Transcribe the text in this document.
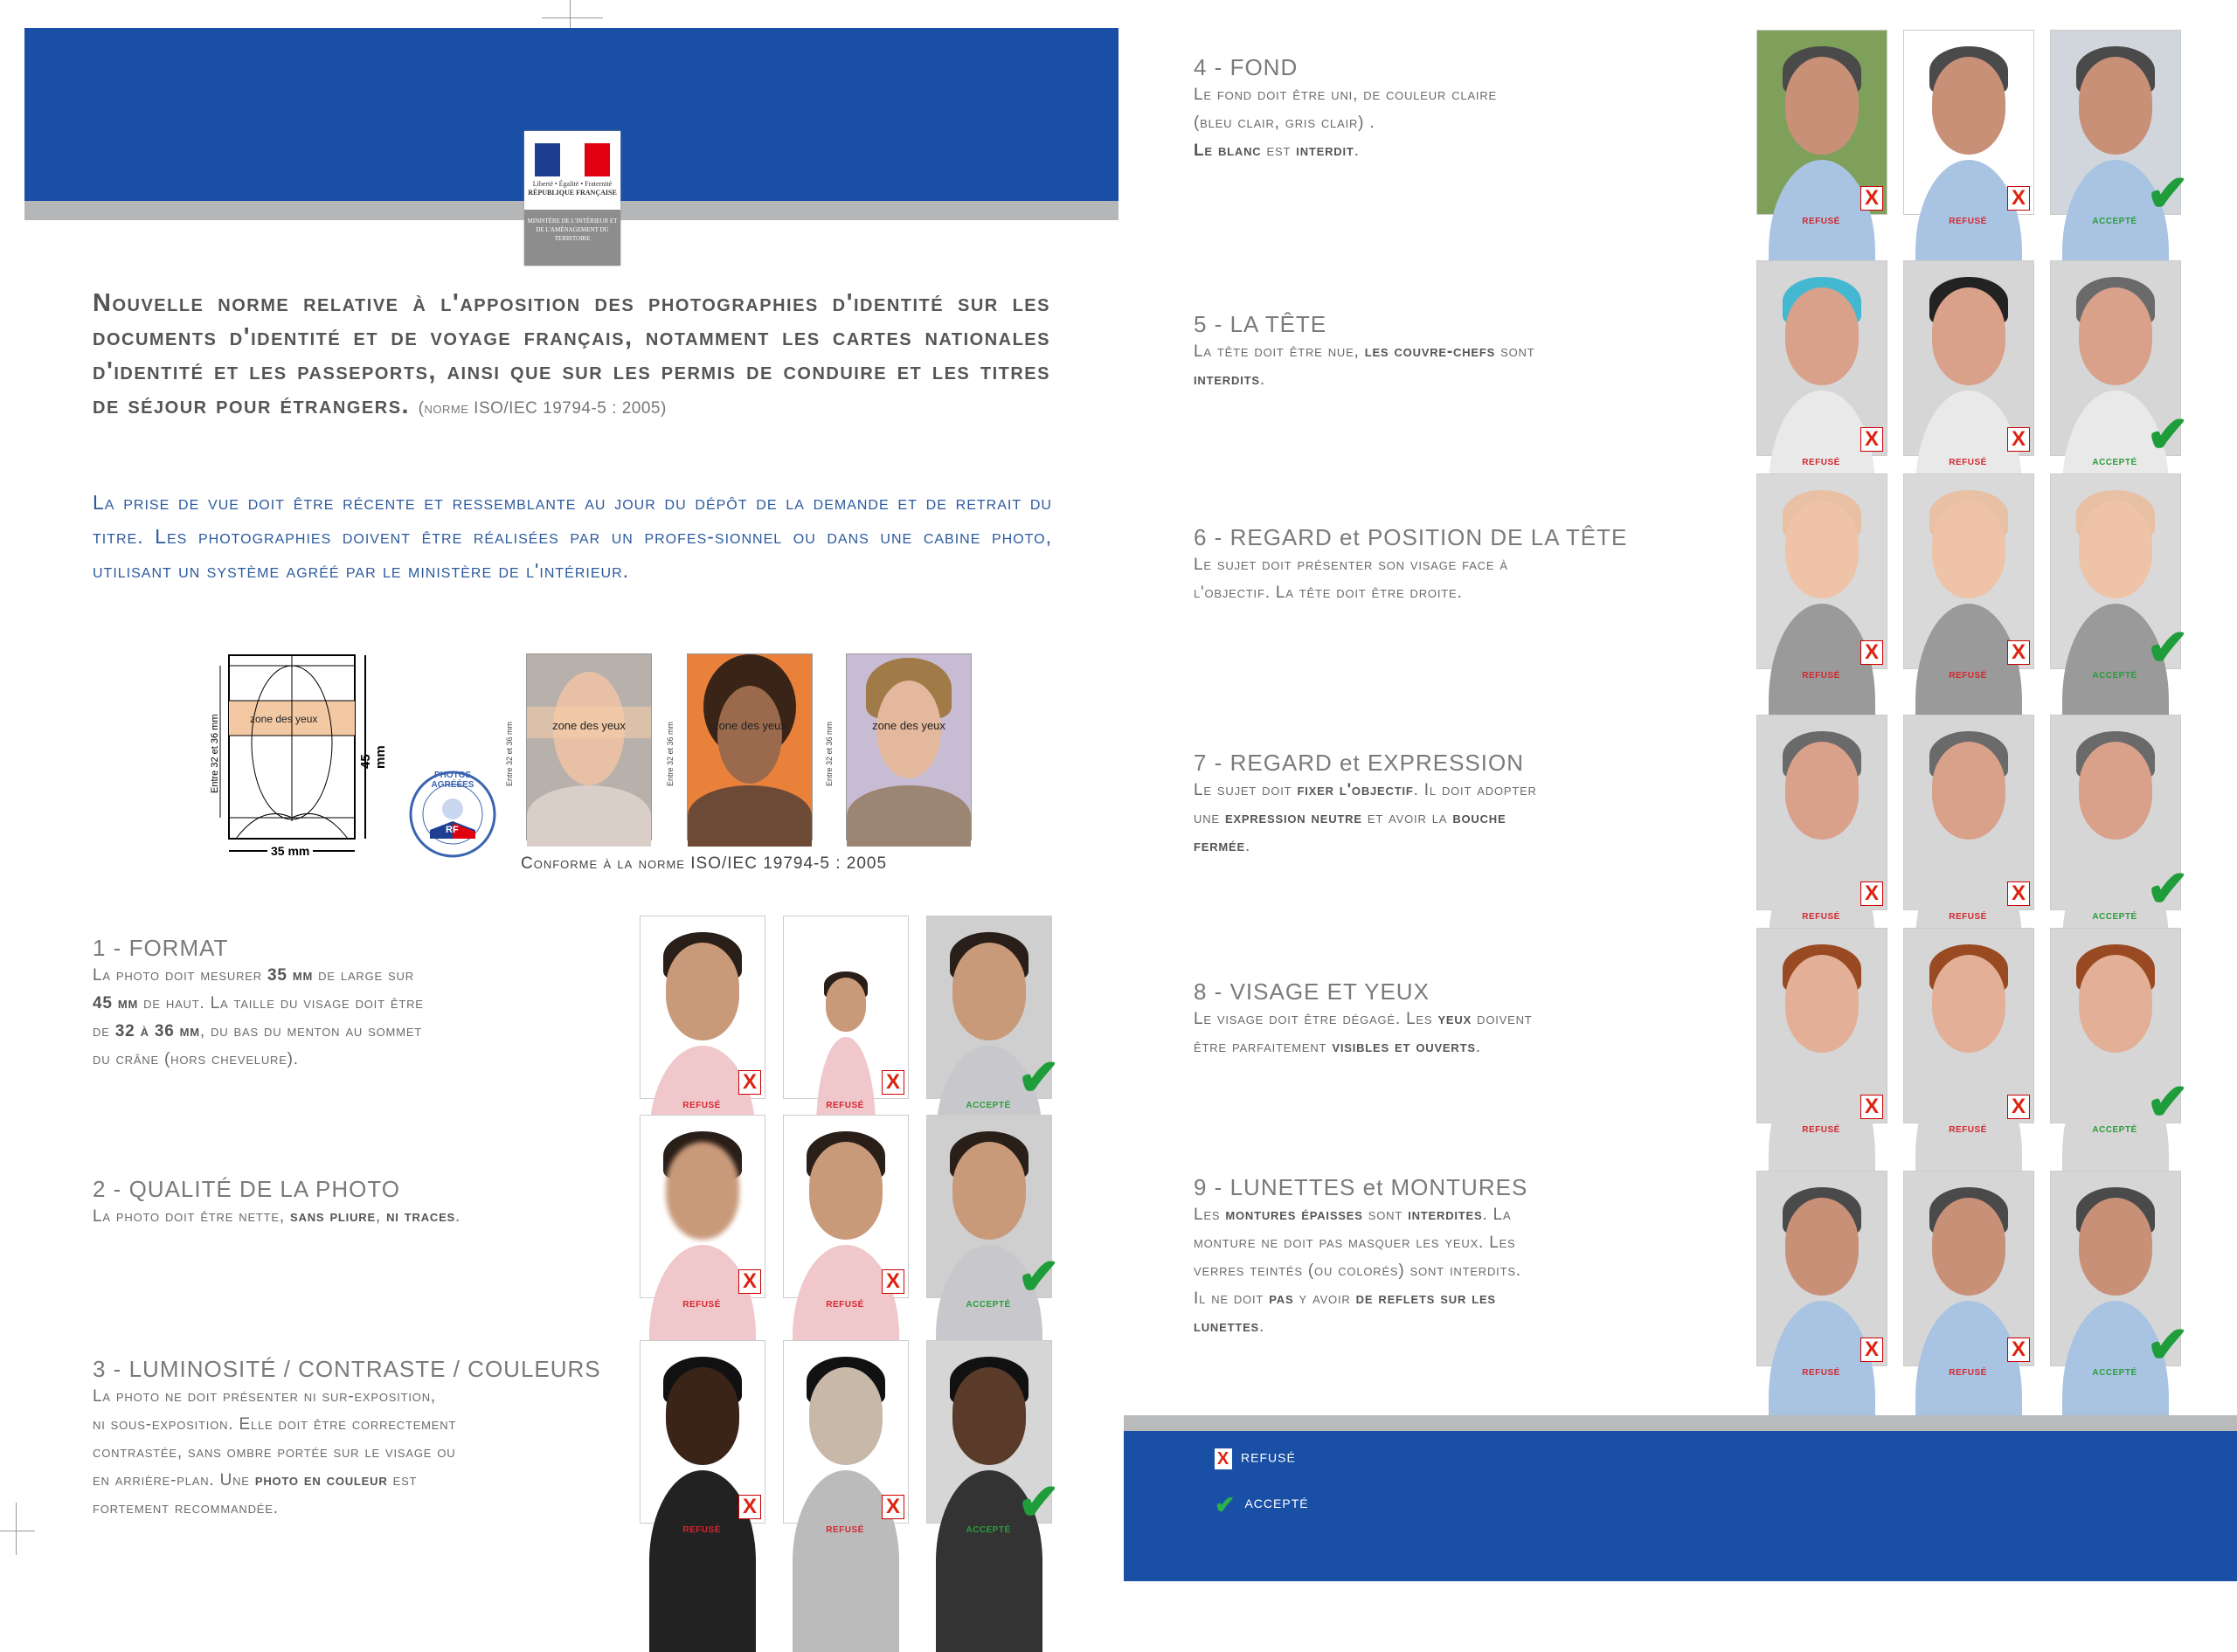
Liberté • Égalité • Fraternité
RÉPUBLIQUE FRANÇAISE
MINISTÈRE DE L'INTÉRIEUR ET DE L'AMÉNAGEMENT DU TERRITOIRE
Nouvelle norme relative à l'apposition des photographies d'identité sur les documents d'identité et de voyage français, notamment les cartes nationales d'identité et les passeports, ainsi que sur les permis de conduire et les titres de séjour pour étrangers. (norme ISO/IEC 19794-5 : 2005)
La prise de vue doit être récente et ressemblante au jour du dépôt de la demande et de retrait du titre. Les photographies doivent être réalisées par un profes-sionnel ou dans une cabine photo, utilisant un système agréé par le ministère de l'intérieur.
zone des yeux
45 mm
35 mm
Entre 32 et 36 mm	PHOTOS AGRÉÉES
RF
zone des yeux
Entre 32 et 36 mm	zone des yeux
Entre 32 et 36 mm	zone des yeux
Entre 32 et 36 mm
Conforme à la norme ISO/IEC 19794-5 : 2005
1 - FORMAT
La photo doit mesurer 35 mm de large sur
45 mm de haut. La taille du visage doit être
de 32 à 36 mm, du bas du menton au sommet
du crâne (hors chevelure).
2 - QUALITÉ DE LA PHOTO
La photo doit être nette, sans pliure, ni traces.
3 - LUMINOSITÉ / CONTRASTE / COULEURS
La photo ne doit présenter ni sur-exposition,
ni sous-exposition. Elle doit être correctement
contrastée, sans ombre portée sur le visage ou
en arrière-plan. Une photo en couleur est
fortement recommandée.
4 - FOND
Le fond doit être uni, de couleur claire
(bleu clair, gris clair) .
Le blanc est interdit.
5 - LA TÊTE
La tête doit être nue, les couvre-chefs sont
interdits.
6 - REGARD et POSITION DE LA TÊTE
Le sujet doit présenter son visage face à
l'objectif. La tête doit être droite.
7 - REGARD et EXPRESSION
Le sujet doit fixer l'objectif. Il doit adopter
une expression neutre et avoir la bouche
fermée.
8 - VISAGE ET YEUX
Le visage doit être dégagé. Les yeux doivent
être parfaitement visibles et ouverts.
9 - LUNETTES et MONTURES
Les montures épaisses sont interdites. La
monture ne doit pas masquer les yeux. Les
verres teintés (ou colorés) sont interdits.
Il ne doit pas y avoir de reflets sur les
lunettes.
X
REFUSÉ
X
REFUSÉ	✔
ACCEPTÉ
X
REFUSÉ
X
REFUSÉ	✔
ACCEPTÉ
X
REFUSÉ
X
REFUSÉ	✔
ACCEPTÉ
X
REFUSÉ
X
REFUSÉ	✔
ACCEPTÉ
X
REFUSÉ
X
REFUSÉ	✔
ACCEPTÉ
X
REFUSÉ
X
REFUSÉ	✔
ACCEPTÉ
X
REFUSÉ
X
REFUSÉ	✔
ACCEPTÉ
X
REFUSÉ
X
REFUSÉ	✔
ACCEPTÉ
X
REFUSÉ
X
REFUSÉ	✔
ACCEPTÉ
X REFUSÉ
✔ ACCEPTÉ
